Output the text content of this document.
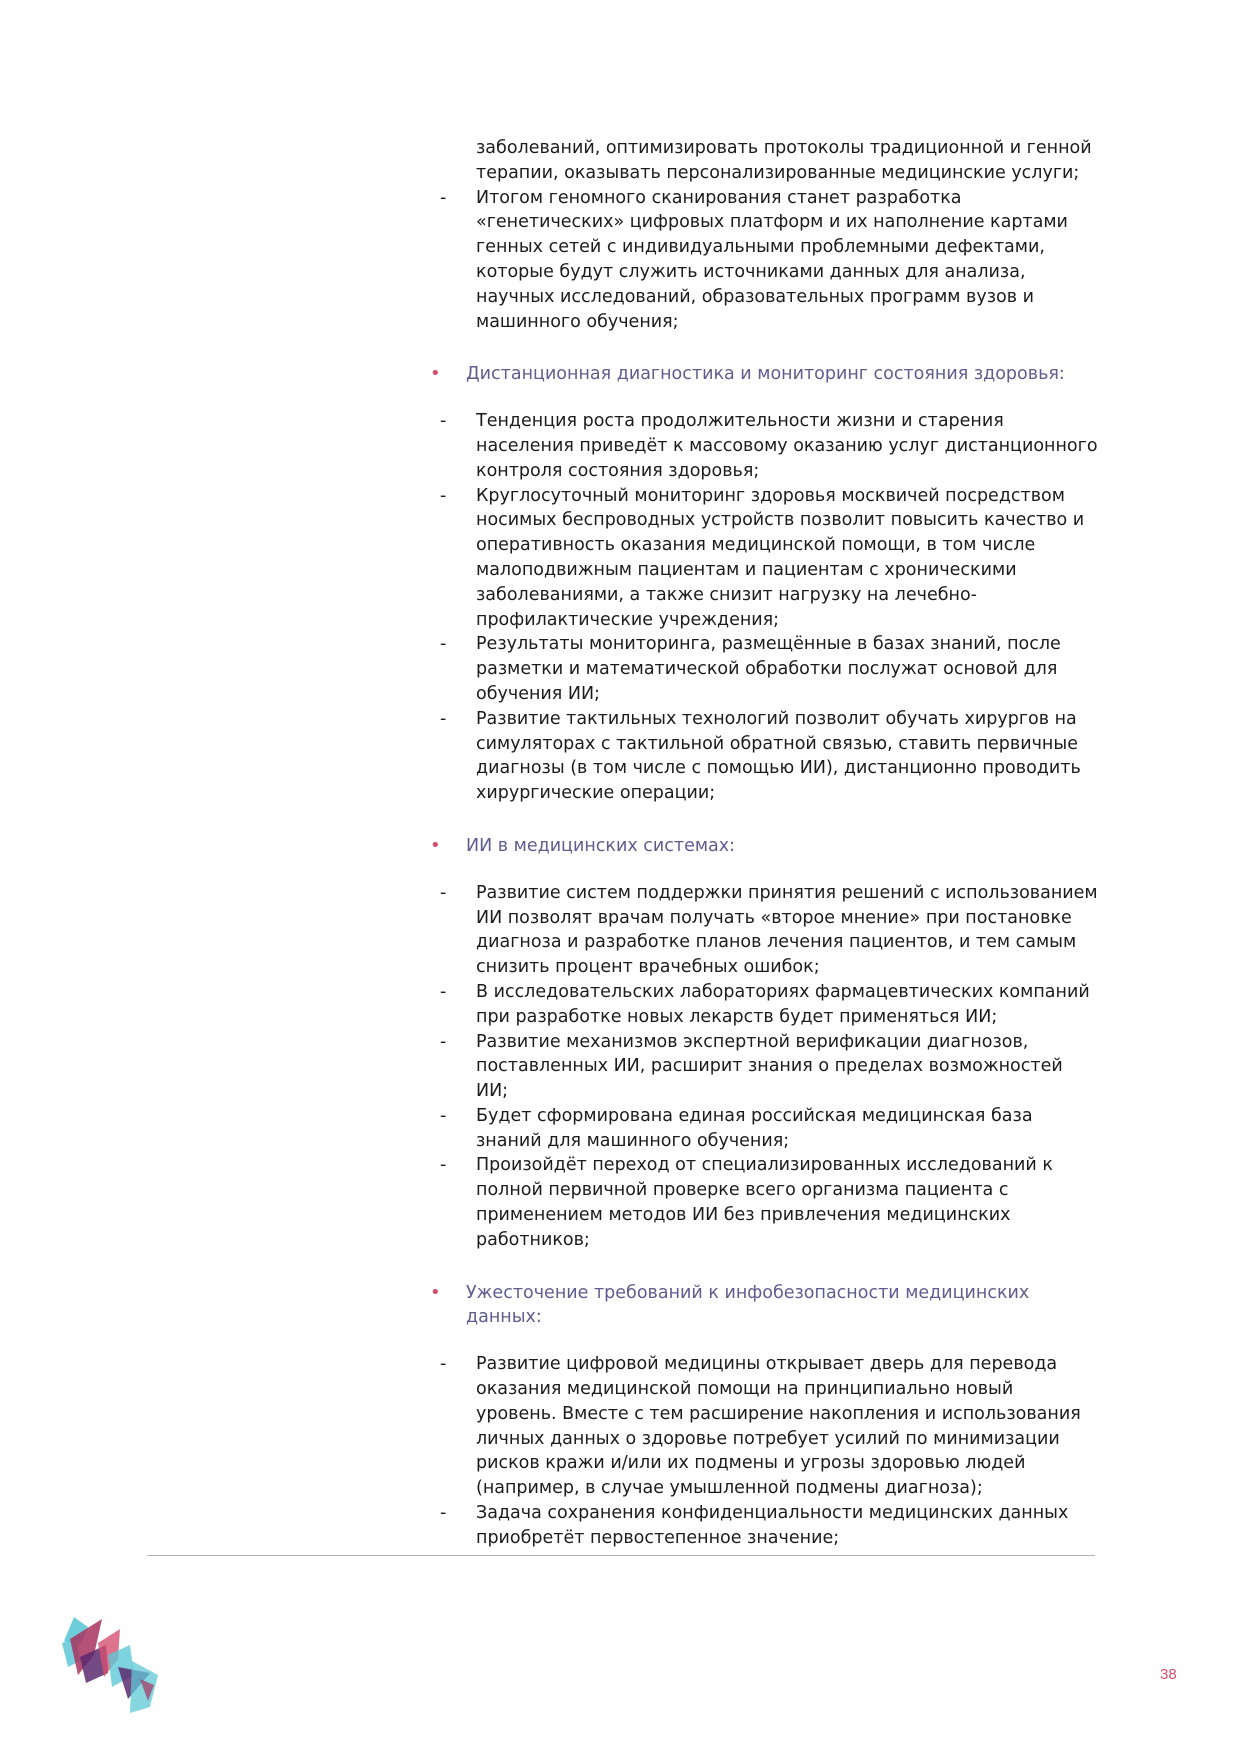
заболеваний, оптимизировать протоколы традиционной и генной
терапии, оказывать персонализированные медицинские услуги;
- Итогом геномного сканирования станет разработка
«генетических» цифровых платформ и их наполнение картами
генных сетей с индивидуальными проблемными дефектами,
которые будут служить источниками данных для анализа,
научных исследований, образовательных программ вузов и
машинного обучения;
• Дистанционная диагностика и мониторинг состояния здоровья:
- Тенденция роста продолжительности жизни и старения
населения приведёт к массовому оказанию услуг дистанционного
контроля состояния здоровья;
- Круглосуточный мониторинг здоровья москвичей посредством
носимых беспроводных устройств позволит повысить качество и
оперативность оказания медицинской помощи, в том числе
малоподвижным пациентам и пациентам с хроническими
заболеваниями, а также снизит нагрузку на лечебно-
профилактические учреждения;
- Результаты мониторинга, размещённые в базах знаний, после
разметки и математической обработки послужат основой для
обучения ИИ;
- Развитие тактильных технологий позволит обучать хирургов на
симуляторах с тактильной обратной связью, ставить первичные
диагнозы (в том числе с помощью ИИ), дистанционно проводить
хирургические операции;
• ИИ в медицинских системах:
- Развитие систем поддержки принятия решений с использованием
ИИ позволят врачам получать «второе мнение» при постановке
диагноза и разработке планов лечения пациентов, и тем самым
снизить процент врачебных ошибок;
- В исследовательских лабораториях фармацевтических компаний
при разработке новых лекарств будет применяться ИИ;
- Развитие механизмов экспертной верификации диагнозов,
поставленных ИИ, расширит знания о пределах возможностей
ИИ;
- Будет сформирована единая российская медицинская база
знаний для машинного обучения;
- Произойдёт переход от специализированных исследований к
полной первичной проверке всего организма пациента с
применением методов ИИ без привлечения медицинских
работников;
• Ужесточение требований к инфобезопасности медицинских
данных:
- Развитие цифровой медицины открывает дверь для перевода
оказания медицинской помощи на принципиально новый
уровень. Вместе с тем расширение накопления и использования
личных данных о здоровье потребует усилий по минимизации
рисков кражи и/или их подмены и угрозы здоровью людей
(например, в случае умышленной подмены диагноза);
- Задача сохранения конфиденциальности медицинских данных
приобретёт первостепенное значение;
38
